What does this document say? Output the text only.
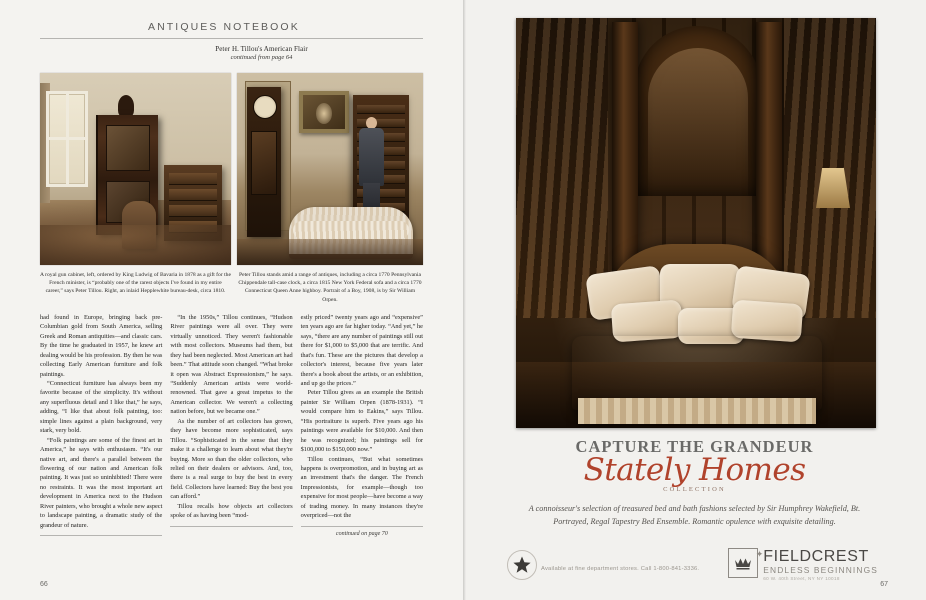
ANTIQUES NOTEBOOK
Peter H. Tillou's American Flair
continued from page 64
A royal gun cabinet, left, ordered by King Ludwig of Bavaria in 1878 as a gift for the French minister, is “probably one of the rarest objects I've found in my entire career,” says Peter Tillou. Right, an inlaid Hepplewhite bureau-desk, circa 1810.
Peter Tillou stands amid a range of antiques, including a circa 1770 Pennsylvania Chippendale tall-case clock, a circa 1815 New York Federal sofa and a circa 1770 Connecticut Queen Anne highboy. Portrait of a Boy, 1908, is by Sir William Orpen.

had found in Europe, bringing back pre-Columbian gold from South America, selling Greek and Roman antiquities—and classic cars. By the time he graduated in 1957, he knew art dealing would be his profession. By then he was collecting Early American furniture and folk paintings.

“Connecticut furniture has always been my favorite because of the simplicity. It's without any superfluous detail and I like that,” he says, adding, “I like that about folk painting, too: simple lines against a plain background, very stark, very bold.

“Folk paintings are some of the finest art in America,” he says with enthusiasm. “It's our native art, and there's a parallel between the flowering of our nation and American folk painting. It was just so uninhibited! There were no restraints. It was the most important art development in America next to the Hudson River painters, who brought a whole new aspect to landscape painting, a dramatic study of the grandeur of nature.

“In the 1950s,” Tillou continues, “Hudson River paintings were all over. They were virtually unnoticed. They weren't fashionable with most collectors. Museums had them, but they had been neglected. Most American art had been.” That attitude soon changed. “What broke it open was Abstract Expressionism,” he says. “Suddenly American artists were world-renowned. That gave a great impetus to the American collector. We weren't a collecting nation before, but we became one.”

As the number of art collectors has grown, they have become more sophisticated, says Tillou. “Sophisticated in the sense that they make it a challenge to learn about what they're buying. More so than the older collectors, who relied on their dealers or advisors. And, too, there is a real surge to buy the best in every field. Collectors have learned: Buy the best you can afford.”

Tillou recalls how objects art collectors spoke of as having been “mod-

estly priced” twenty years ago and “expensive” ten years ago are far higher today. “And yet,” he says, “there are any number of paintings still out there for $1,000 to $5,000 that are terrific. And that's fun. These are the pictures that develop a collector's interest, because five years later there's a book about the artists, or an exhibition, and up go the prices.”

Peter Tillou gives as an example the British painter Sir William Orpen (1878-1931). “I would compare him to Eakins,” says Tillou. “His portraiture is superb. Five years ago his paintings were available for $10,000. And then he was recognized; his paintings sell for $100,000 to $150,000 now.”

Tillou continues, “But what sometimes happens is overpromotion, and in buying art as an investment that's the danger. The French Impressionists, for example—though too expensive for most people—have become a way of trading money. In many instances they're overpriced—not the

continued on page 70
66
CAPTURE THE GRANDEUR
Stately Homes
COLLECTION
A connoisseur's selection of treasured bed and bath fashions selected by Sir Humphrey Wakefield, Bt. Portrayed, Regal Tapestry Bed Ensemble. Romantic opulence with exquisite detailing.
Available at fine department stores. Call 1-800-841-3336.
✦ FIELDCREST
ENDLESS BEGINNINGS
60 W. 40th Street, NY NY 10018
67
